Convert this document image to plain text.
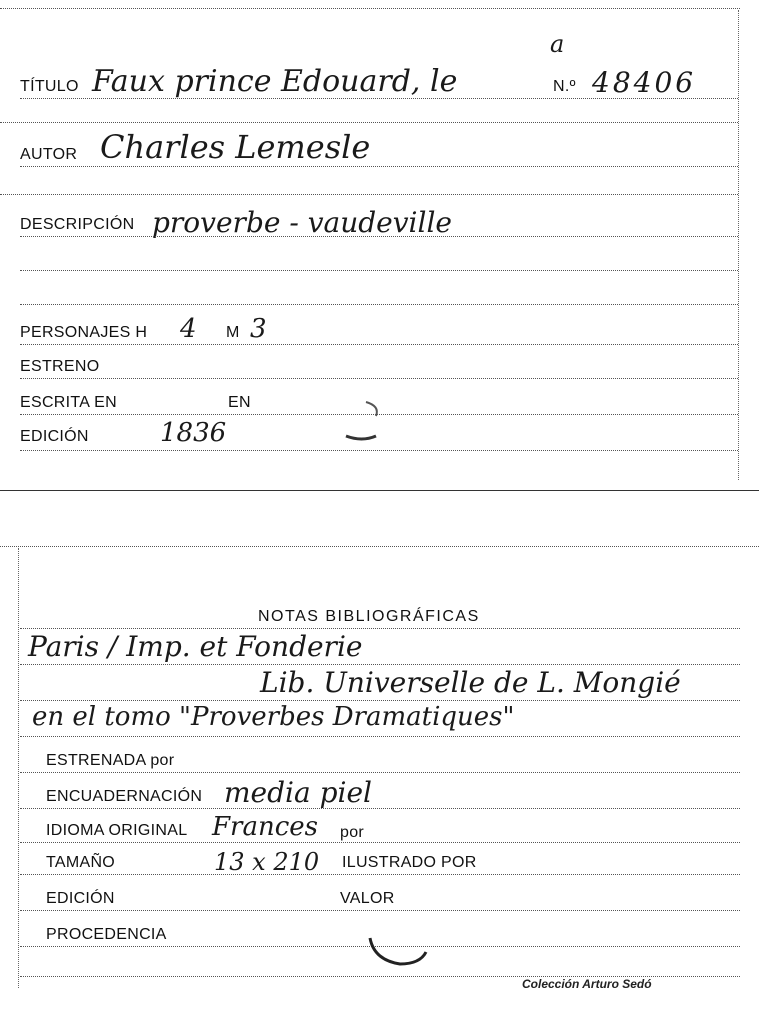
a
TÍTULO Faux prince Edouard, le	N.º 48406
AUTOR Charles Lemesle
DESCRIPCIÓN proverbe - vaudeville
PERSONAJES H 4 M 3
ESTRENO
ESCRITA EN	EN
EDICIÓN	1836
NOTAS BIBLIOGRÁFICAS
Paris / Imp. et Fonderie
Lib. Universelle de L. Mongié
en el tomo "Proverbes Dramatiques"
ESTRENADA por
ENCUADERNACIÓN media piel
IDIOMA ORIGINAL Frances por
TAMAÑO	13 x 210 ILUSTRADO POR
EDICIÓN	VALOR
PROCEDENCIA
Colección Arturo Sedó
